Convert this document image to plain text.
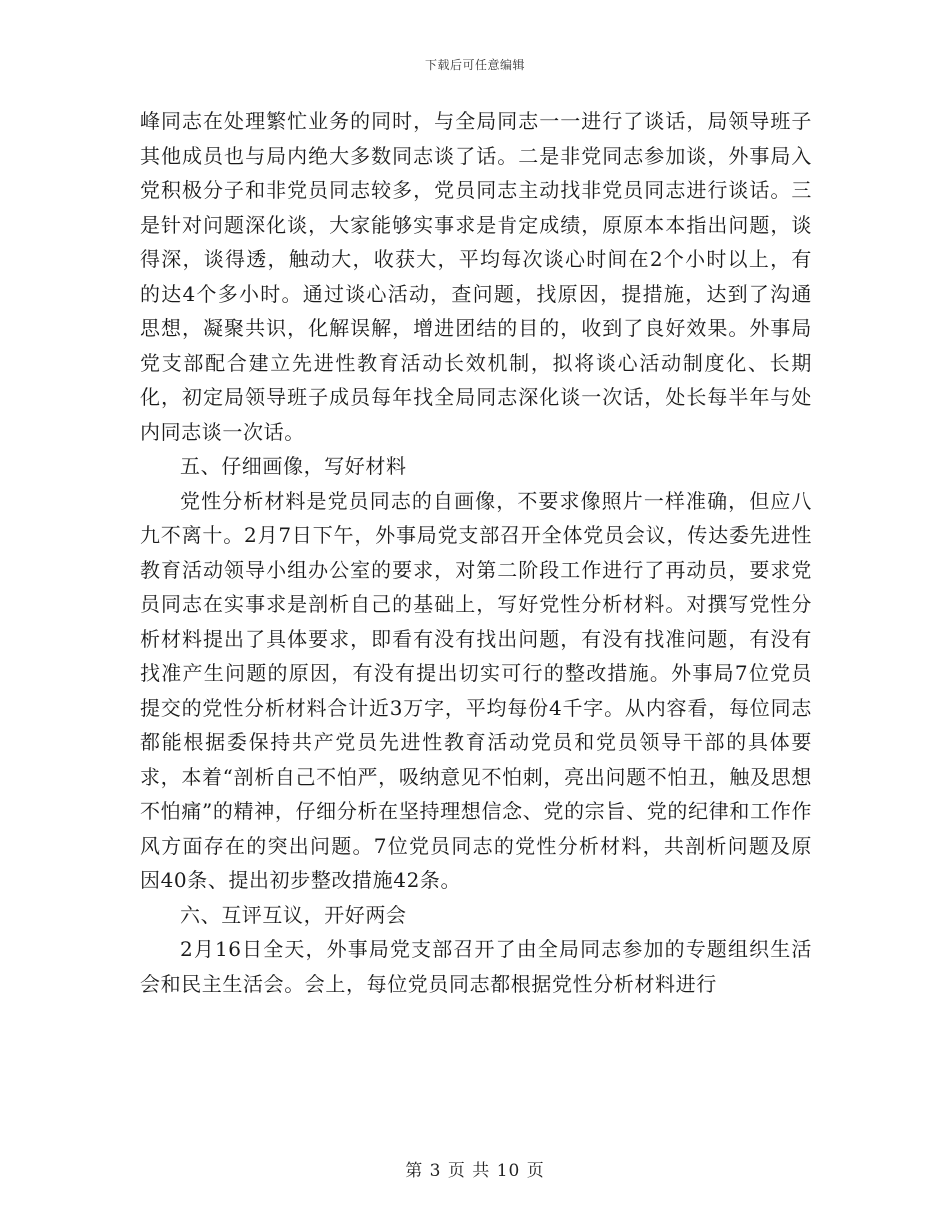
下载后可任意编辑

峰同志在处理繁忙业务的同时，与全局同志一一进行了谈话，局领导班子其他成员也与局内绝大多数同志谈了话。二是非党同志参加谈，外事局入党积极分子和非党员同志较多，党员同志主动找非党员同志进行谈话。三是针对问题深化谈，大家能够实事求是肯定成绩，原原本本指出问题，谈得深，谈得透，触动大，收获大，平均每次谈心时间在2个小时以上，有的达4个多小时。通过谈心活动，查问题，找原因，提措施，达到了沟通思想，凝聚共识，化解误解，增进团结的目的，收到了良好效果。外事局党支部配合建立先进性教育活动长效机制，拟将谈心活动制度化、长期化，初定局领导班子成员每年找全局同志深化谈一次话，处长每半年与处内同志谈一次话。

五、仔细画像，写好材料

党性分析材料是党员同志的自画像，不要求像照片一样准确，但应八九不离十。2月7日下午，外事局党支部召开全体党员会议，传达委先进性教育活动领导小组办公室的要求，对第二阶段工作进行了再动员，要求党员同志在实事求是剖析自己的基础上，写好党性分析材料。对撰写党性分析材料提出了具体要求，即看有没有找出问题，有没有找准问题，有没有找准产生问题的原因，有没有提出切实可行的整改措施。外事局7位党员提交的党性分析材料合计近3万字，平均每份4千字。从内容看，每位同志都能根据委保持共产党员先进性教育活动党员和党员领导干部的具体要求，本着“剖析自己不怕严，吸纳意见不怕刺，亮出问题不怕丑，触及思想不怕痛”的精神，仔细分析在坚持理想信念、党的宗旨、党的纪律和工作作风方面存在的突出问题。7位党员同志的党性分析材料，共剖析问题及原因40条、提出初步整改措施42条。

六、互评互议，开好两会

2月16日全天，外事局党支部召开了由全局同志参加的专题组织生活会和民主生活会。会上，每位党员同志都根据党性分析材料进行

第 3 页 共 10 页
